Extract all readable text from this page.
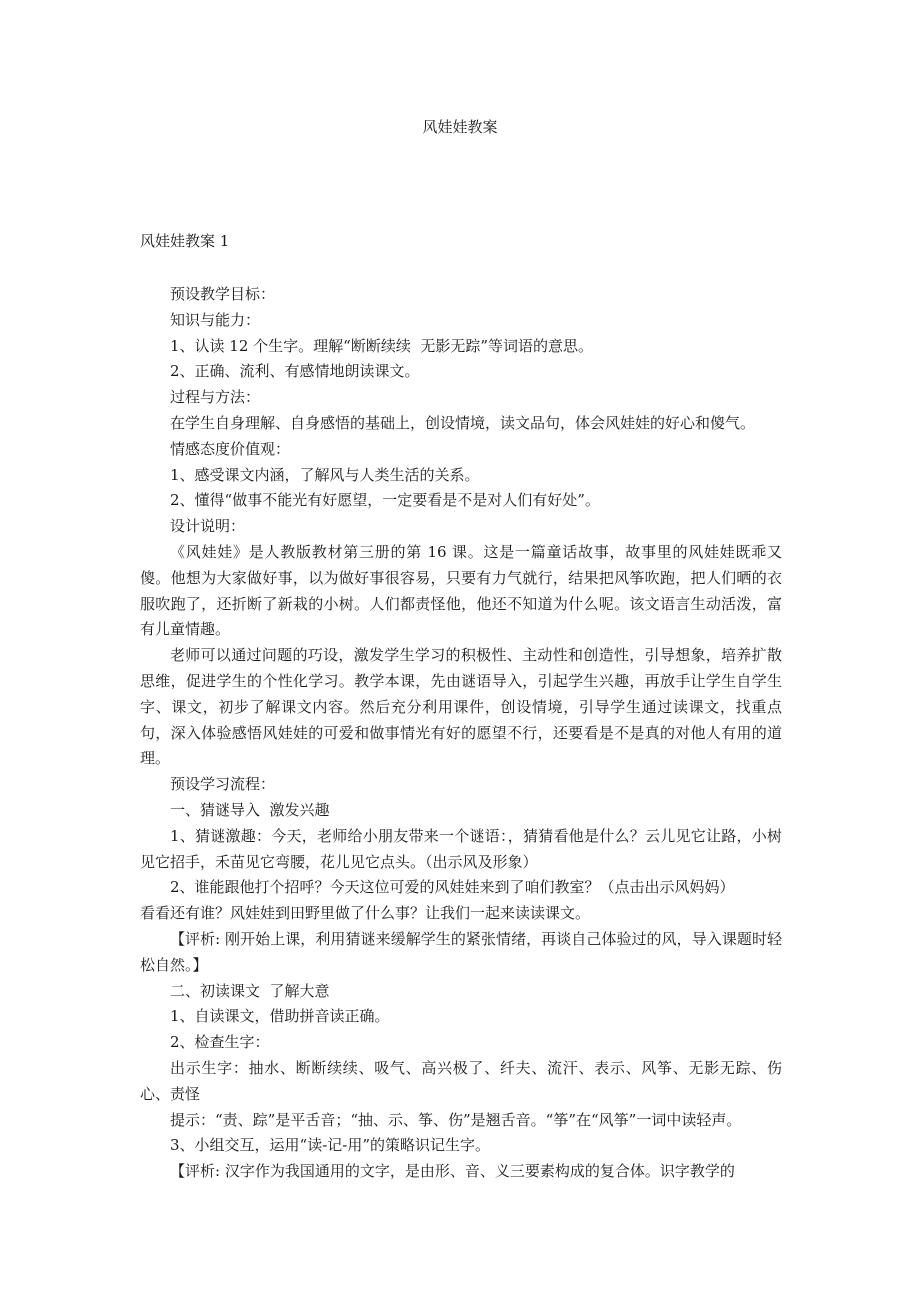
风娃娃教案
风娃娃教案 1

预设教学目标：

知识与能力：

1、认读 12 个生字。理解“断断续续  无影无踪”等词语的意思。

2、正确、流利、有感情地朗读课文。

过程与方法：

在学生自身理解、自身感悟的基础上，创设情境，读文品句，体会风娃娃的好心和傻气。

情感态度价值观：

1、感受课文内涵，了解风与人类生活的关系。

2、懂得“做事不能光有好愿望，一定要看是不是对人们有好处”。

设计说明：

《风娃娃》是人教版教材第三册的第 16 课。这是一篇童话故事，故事里的风娃娃既乖又傻。他想为大家做好事，以为做好事很容易，只要有力气就行，结果把风筝吹跑，把人们晒的衣服吹跑了，还折断了新栽的小树。人们都责怪他，他还不知道为什么呢。该文语言生动活泼，富有儿童情趣。

老师可以通过问题的巧设，激发学生学习的积极性、主动性和创造性，引导想象，培养扩散思维，促进学生的个性化学习。教学本课，先由谜语导入，引起学生兴趣，再放手让学生自学生字、课文，初步了解课文内容。然后充分利用课件，创设情境，引导学生通过读课文，找重点句，深入体验感悟风娃娃的可爱和做事情光有好的愿望不行，还要看是不是真的对他人有用的道理。

预设学习流程：

一、猜谜导入  激发兴趣

1、猜谜激趣：今天，老师给小朋友带来一个谜语：，猜猜看他是什么？云儿见它让路，小树见它招手，禾苗见它弯腰，花儿见它点头。（出示风及形象）

2、谁能跟他打个招呼？今天这位可爱的风娃娃来到了咱们教室？（点击出示风妈妈）

看看还有谁？风娃娃到田野里做了什么事？让我们一起来读读课文。

【评析: 刚开始上课，利用猜谜来缓解学生的紧张情绪，再谈自己体验过的风，导入课题时轻松自然。】

二、初读课文  了解大意

1、自读课文，借助拼音读正确。

2、检查生字：

出示生字：抽水、断断续续、吸气、高兴极了、纤夫、流汗、表示、风筝、无影无踪、伤心、责怪

提示：“责、踪”是平舌音；“抽、示、筝、伤”是翘舌音。“筝”在“风筝”一词中读轻声。

3、小组交互，运用“读-记-用”的策略识记生字。

【评析: 汉字作为我国通用的文字，是由形、音、义三要素构成的复合体。识字教学的
